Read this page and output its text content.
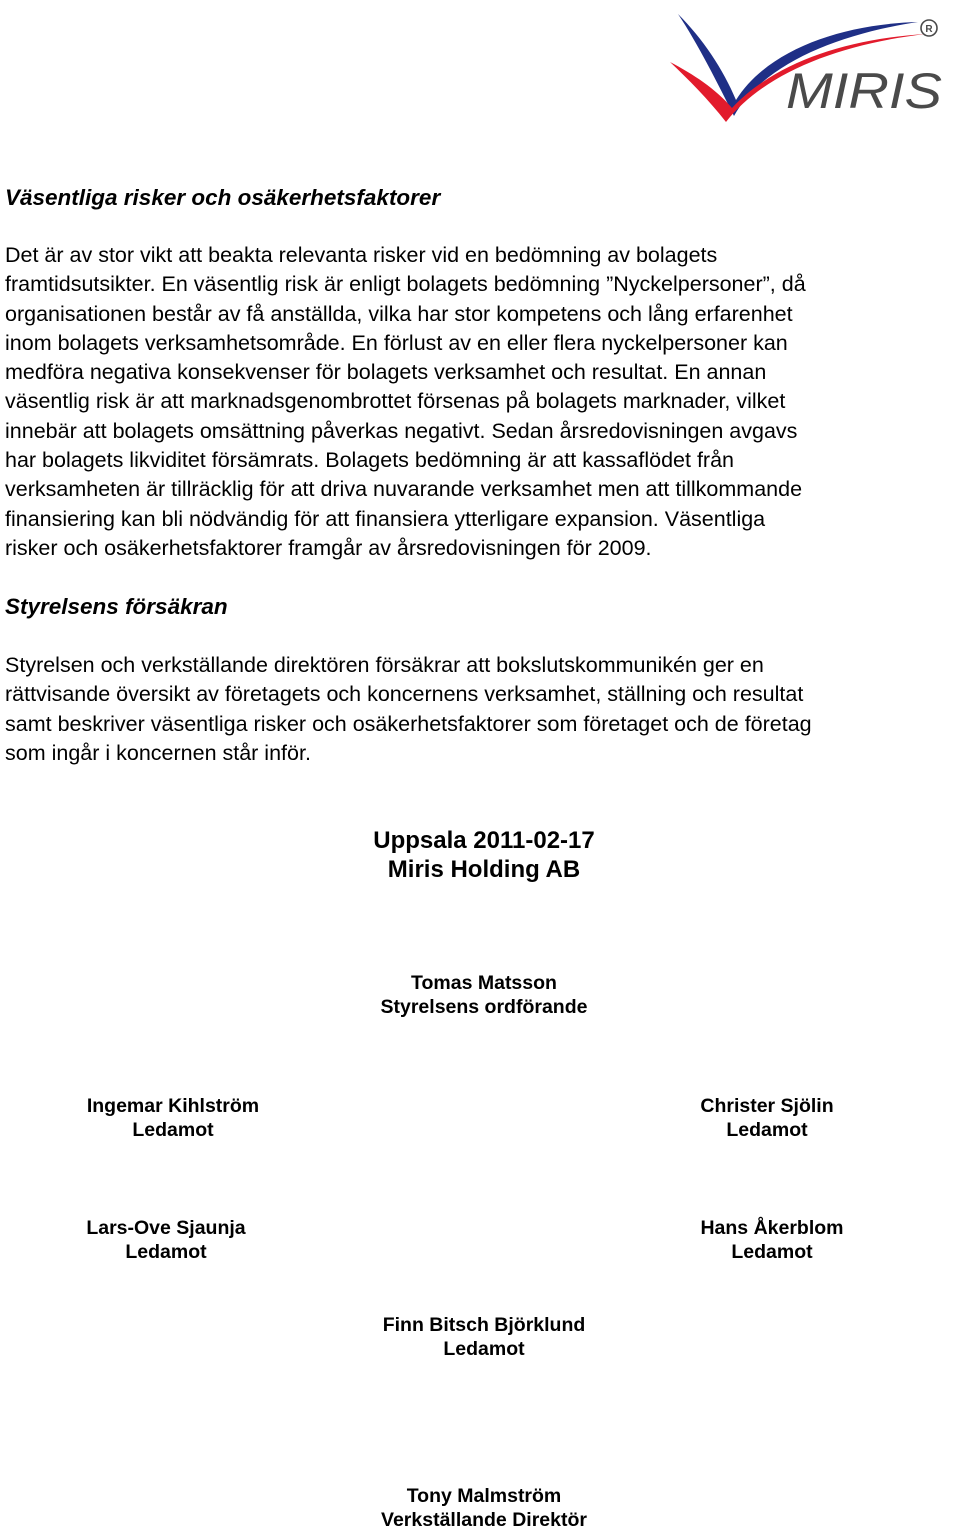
MIRIS
R
Väsentliga risker och osäkerhetsfaktorer

Det är av stor vikt att beakta relevanta risker vid en bedömning av bolagets
framtidsutsikter. En väsentlig risk är enligt bolagets bedömning ”Nyckelpersoner”, då
organisationen består av få anställda, vilka har stor kompetens och lång erfarenhet
inom bolagets verksamhetsområde. En förlust av en eller flera nyckelpersoner kan
medföra negativa konsekvenser för bolagets verksamhet och resultat. En annan
väsentlig risk är att marknadsgenombrottet försenas på bolagets marknader, vilket
innebär att bolagets omsättning påverkas negativt. Sedan årsredovisningen avgavs
har bolagets likviditet försämrats. Bolagets bedömning är att kassaflödet från
verksamheten är tillräcklig för att driva nuvarande verksamhet men att tillkommande
finansiering kan bli nödvändig för att finansiera ytterligare expansion. Väsentliga
risker och osäkerhetsfaktorer framgår av årsredovisningen för 2009.

Styrelsens försäkran

Styrelsen och verkställande direktören försäkrar att bokslutskommunikén ger en
rättvisande översikt av företagets och koncernens verksamhet, ställning och resultat
samt beskriver väsentliga risker och osäkerhetsfaktorer som företaget och de företag
som ingår i koncernen står inför.

Uppsala 2011-02-17
Miris Holding AB
Tomas Matsson
Styrelsens ordförande
Ingemar Kihlström
Ledamot
Christer Sjölin
Ledamot
Lars-Ove Sjaunja
Ledamot
Hans Åkerblom
Ledamot
Finn Bitsch Björklund
Ledamot
Tony Malmström
Verkställande Direktör
